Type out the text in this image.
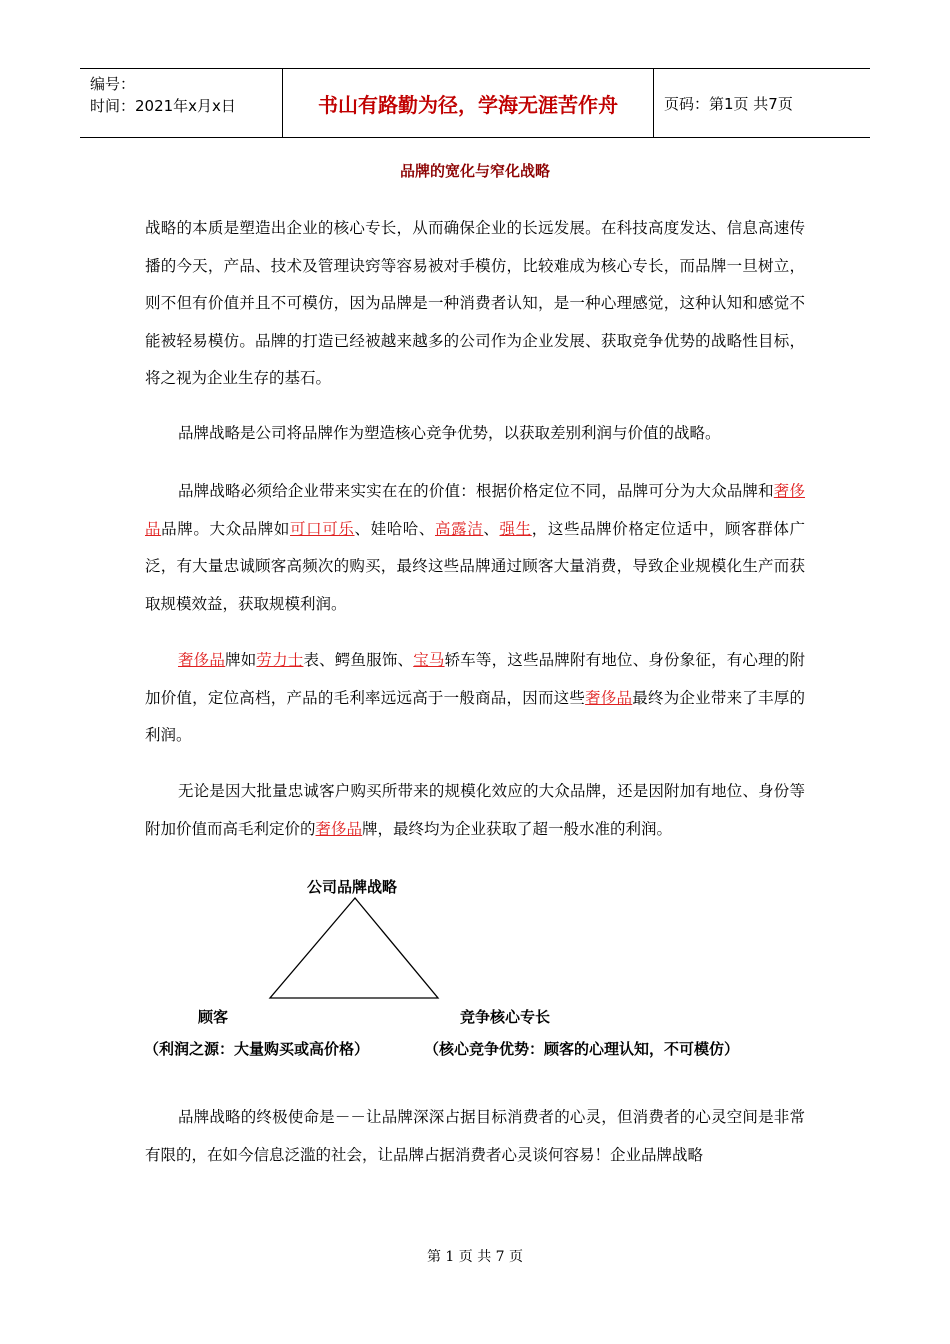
编号：
时间：2021年x月x日	书山有路勤为径，学海无涯苦作舟	页码：第1页 共7页
品牌的宽化与窄化战略

战略的本质是塑造出企业的核心专长，从而确保企业的长远发展。在科技高度发达、信息高速传播的今天，产品、技术及管理诀窍等容易被对手模仿，比较难成为核心专长，而品牌一旦树立，则不但有价值并且不可模仿，因为品牌是一种消费者认知，是一种心理感觉，这种认知和感觉不能被轻易模仿。品牌的打造已经被越来越多的公司作为企业发展、获取竞争优势的战略性目标，将之视为企业生存的基石。

品牌战略是公司将品牌作为塑造核心竞争优势，以获取差别利润与价值的战略。

品牌战略必须给企业带来实实在在的价值：根据价格定位不同，品牌可分为大众品牌和奢侈品品牌。大众品牌如可口可乐、娃哈哈、高露洁、强生，这些品牌价格定位适中，顾客群体广泛，有大量忠诚顾客高频次的购买，最终这些品牌通过顾客大量消费，导致企业规模化生产而获取规模效益，获取规模利润。

奢侈品牌如劳力士表、鳄鱼服饰、宝马轿车等，这些品牌附有地位、身份象征，有心理的附加价值，定位高档，产品的毛利率远远高于一般商品，因而这些奢侈品最终为企业带来了丰厚的利润。

无论是因大批量忠诚客户购买所带来的规模化效应的大众品牌，还是因附加有地位、身份等附加价值而高毛利定价的奢侈品牌，最终均为企业获取了超一般水准的利润。

公司品牌战略
顾客	竞争核心专长
（利润之源：大量购买或高价格）	（核心竞争优势：顾客的心理认知，不可模仿）

品牌战略的终极使命是－－让品牌深深占据目标消费者的心灵，但消费者的心灵空间是非常有限的，在如今信息泛滥的社会，让品牌占据消费者心灵谈何容易！企业品牌战略

第 1 页 共 7 页
